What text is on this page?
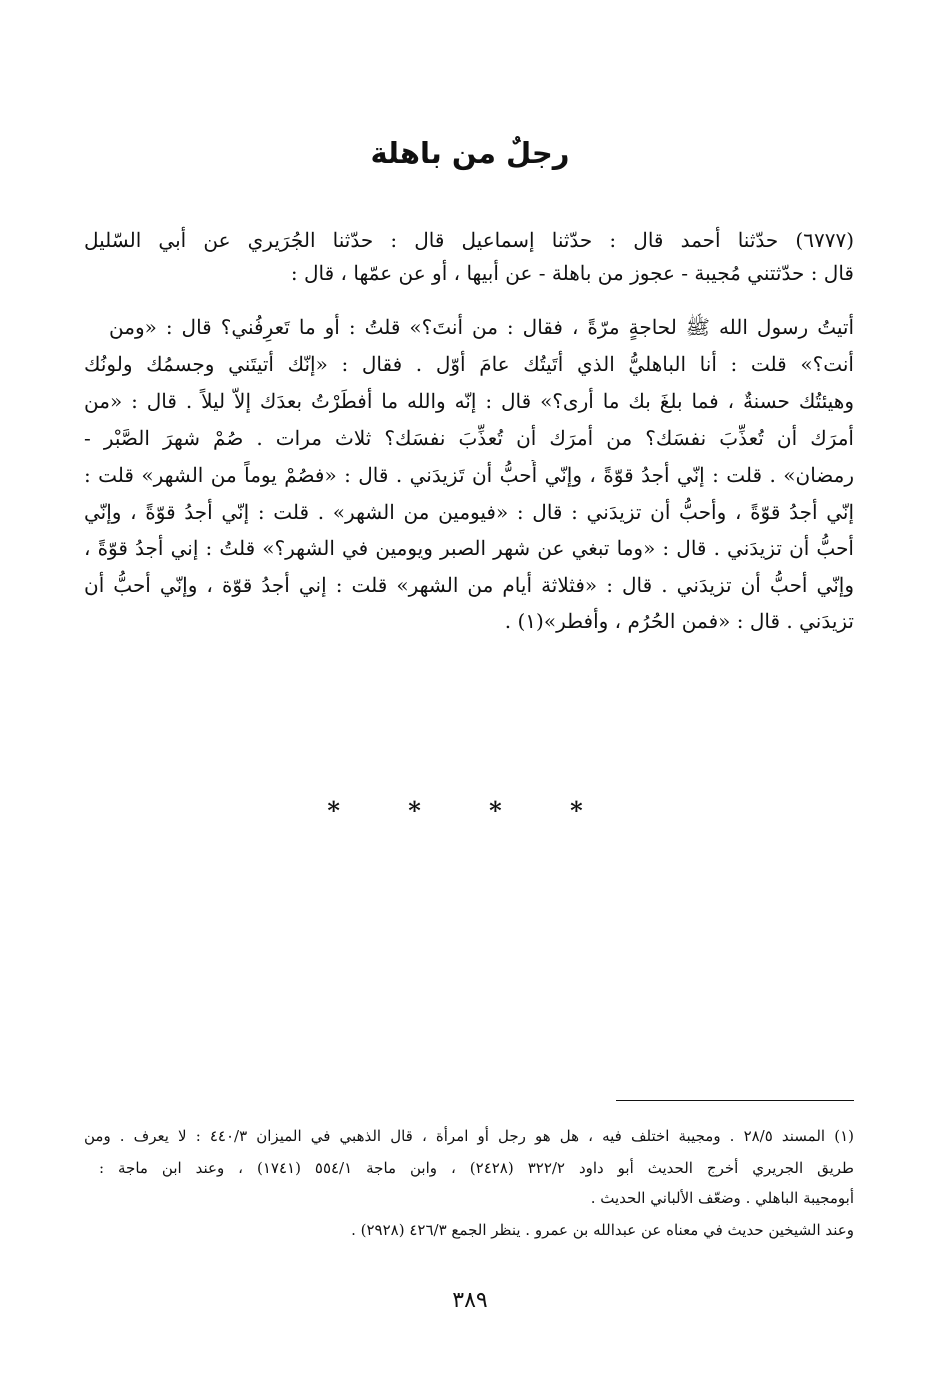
رجلٌ من باهلة
(٦٧٧٧) حدّثنا أحمد قال : حدّثنا إسماعيل قال : حدّثنا الجُرَيري عن أبي السّليل
قال : حدّثتني مُجيبة - عجوز من باهلة - عن أبيها ، أو عن عمّها ، قال :
أتيتُ رسول الله ﷺ لحاجةٍ مرّةً ، فقال : من أنتَ؟» قلتُ : أو ما تَعرِفُني؟ قال : «ومن
أنت؟» قلت : أنا الباهليُّ الذي أتَيتُك عامَ أوّل . فقال : «إنّك أتيتَني وجسمُك ولونُك
وهيئتُك حسنةٌ ، فما بلغَ بك ما أرى؟» قال : إنّه والله ما أفطَرْتُ بعدَك إلاّ ليلاً . قال : «من
أمرَك أن تُعذِّبَ نفسَك؟ من أمرَك أن تُعذِّبَ نفسَك؟ ثلاث مرات . صُمْ شهرَ الصَّبْر -
رمضان» . قلت : إنّي أجدُ قوّةً ، وإنّي أُحبُّ أن تَزيدَني . قال : «فصُمْ يوماً من الشهر» قلت :
إنّي أجدُ قوّةً ، وأحبُّ أن تزيدَني : قال : «فيومين من الشهر» . قلت : إنّي أجدُ قوّةً ، وإنّي
أحبُّ أن تزيدَني . قال : «وما تبغي عن شهر الصبر ويومين في الشهر؟» قلتُ : إني أجدُ قوّةً ،
وإنّي أحبُّ أن تزيدَني . قال : «فثلاثة أيام من الشهر» قلت : إني أجدُ قوّة ، وإنّي أحبُّ أن
تزيدَني . قال : «فمن الحُرُم ، وأفطر»(١) .
* * * *
(١) المسند ٢٨/٥ . ومجيبة اختلف فيه ، هل هو رجل أو امرأة ، قال الذهبي في الميزان ٤٤٠/٣ : لا يعرف . ومن
طريق الجريري أخرج الحديث أبو داود ٣٢٢/٢ (٢٤٢٨) ، وابن ماجة ٥٥٤/١ (١٧٤١) ، وعند ابن ماجة :
أبومجيبة الباهلي . وضعّف الألباني الحديث .
وعند الشيخين حديث في معناه عن عبدالله بن عمرو . ينظر الجمع ٤٢٦/٣ (٢٩٢٨) .
٣٨٩
